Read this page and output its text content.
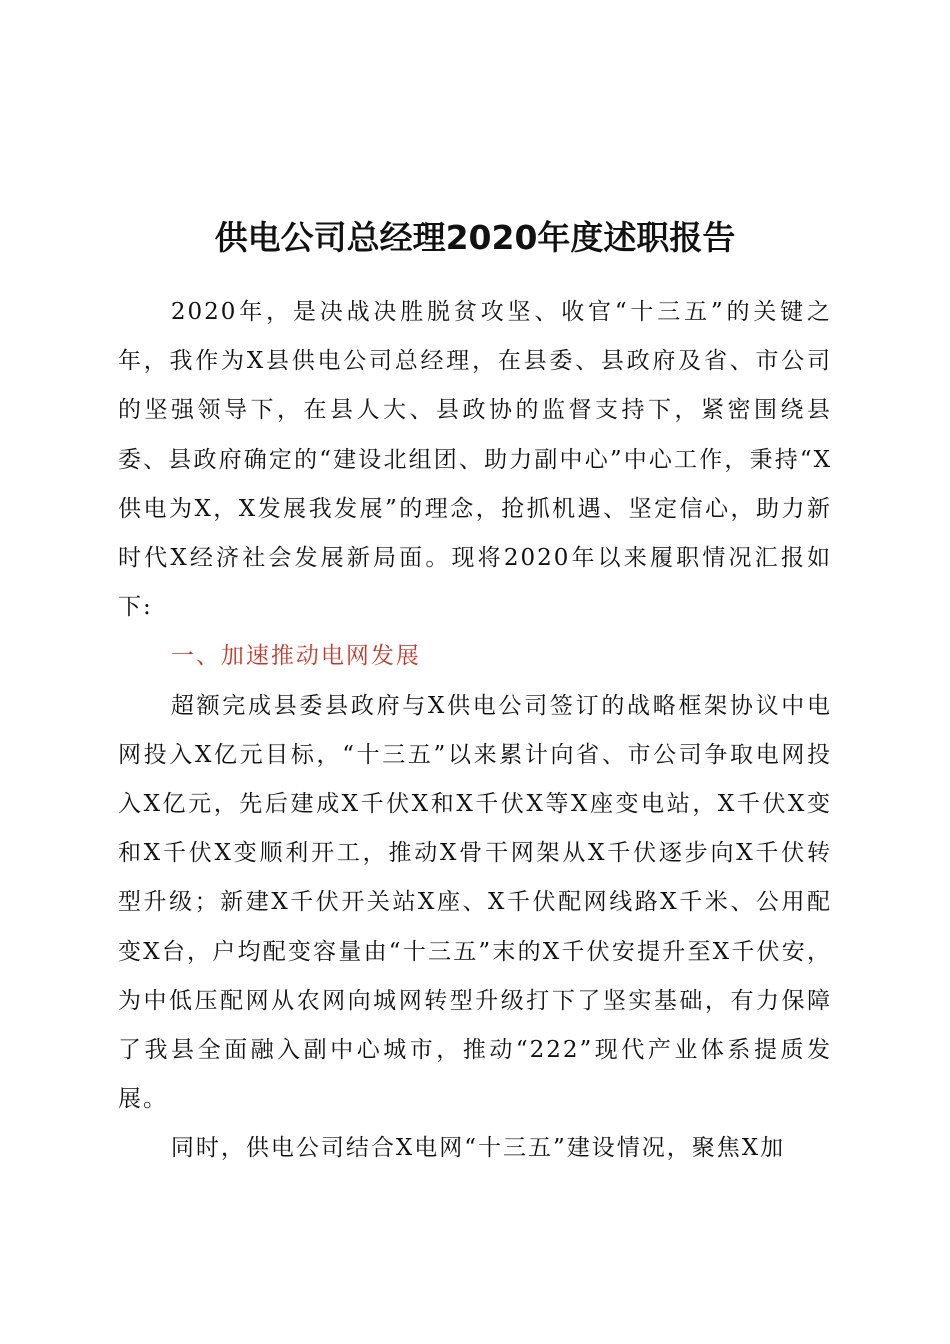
供电公司总经理2020年度述职报告

2020年，是决战决胜脱贫攻坚、收官“十三五”的关键之年，我作为X县供电公司总经理，在县委、县政府及省、市公司的坚强领导下，在县人大、县政协的监督支持下，紧密围绕县委、县政府确定的“建设北组团、助力副中心”中心工作，秉持“X供电为X，X发展我发展”的理念，抢抓机遇、坚定信心，助力新时代X经济社会发展新局面。现将2020年以来履职情况汇报如下:

一、加速推动电网发展

超额完成县委县政府与X供电公司签订的战略框架协议中电网投入X亿元目标，“十三五”以来累计向省、市公司争取电网投入X亿元，先后建成X千伏X和X千伏X等X座变电站，X千伏X变和X千伏X变顺利开工，推动X骨干网架从X千伏逐步向X千伏转型升级；新建X千伏开关站X座、X千伏配网线路X千米、公用配变X台，户均配变容量由“十三五”末的X千伏安提升至X千伏安，为中低压配网从农网向城网转型升级打下了坚实基础，有力保障了我县全面融入副中心城市，推动“222”现代产业体系提质发展。

同时，供电公司结合X电网“十三五”建设情况，聚焦X加
